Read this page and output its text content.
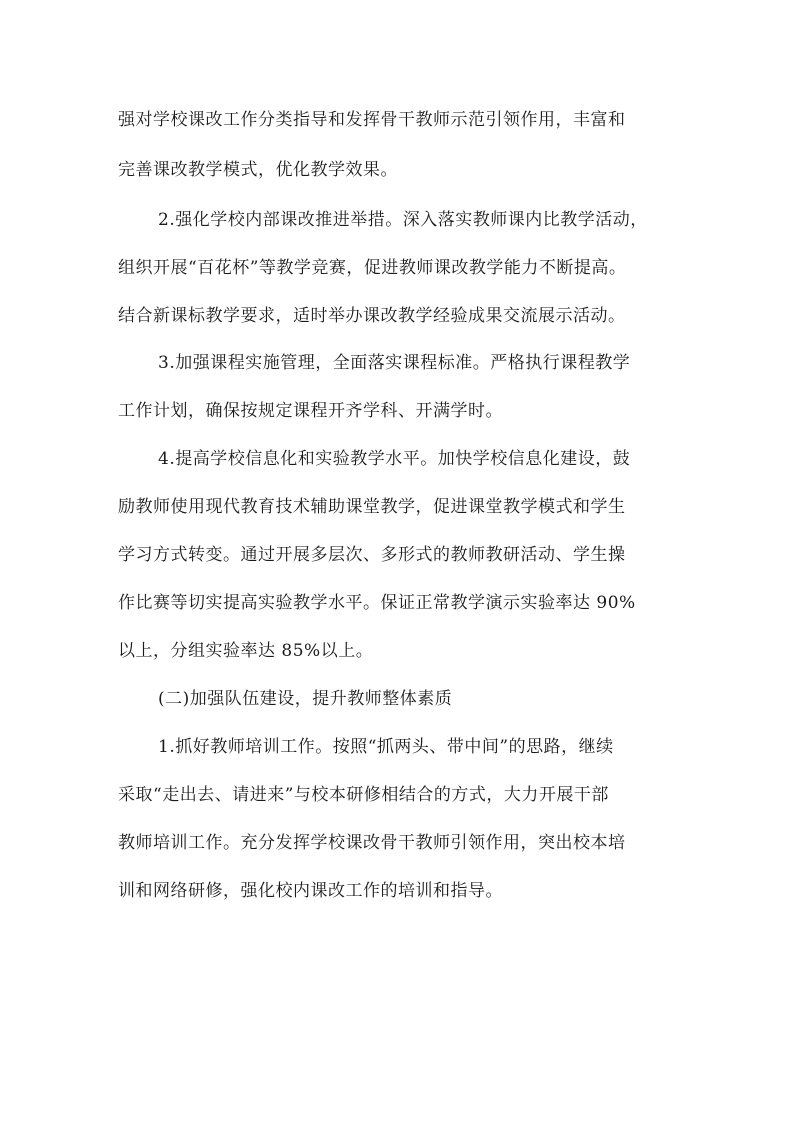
强对学校课改工作分类指导和发挥骨干教师示范引领作用，丰富和
完善课改教学模式，优化教学效果。
2.强化学校内部课改推进举措。深入落实教师课内比教学活动，
组织开展“百花杯”等教学竞赛，促进教师课改教学能力不断提高。
结合新课标教学要求，适时举办课改教学经验成果交流展示活动。
3.加强课程实施管理，全面落实课程标准。严格执行课程教学
工作计划，确保按规定课程开齐学科、开满学时。
4.提高学校信息化和实验教学水平。加快学校信息化建设，鼓
励教师使用现代教育技术辅助课堂教学，促进课堂教学模式和学生
学习方式转变。通过开展多层次、多形式的教师教研活动、学生操
作比赛等切实提高实验教学水平。保证正常教学演示实验率达 90%
以上，分组实验率达 85%以上。
(二)加强队伍建设，提升教师整体素质
1.抓好教师培训工作。按照“抓两头、带中间”的思路，继续
采取“走出去、请进来”与校本研修相结合的方式，大力开展干部
教师培训工作。充分发挥学校课改骨干教师引领作用，突出校本培
训和网络研修，强化校内课改工作的培训和指导。
